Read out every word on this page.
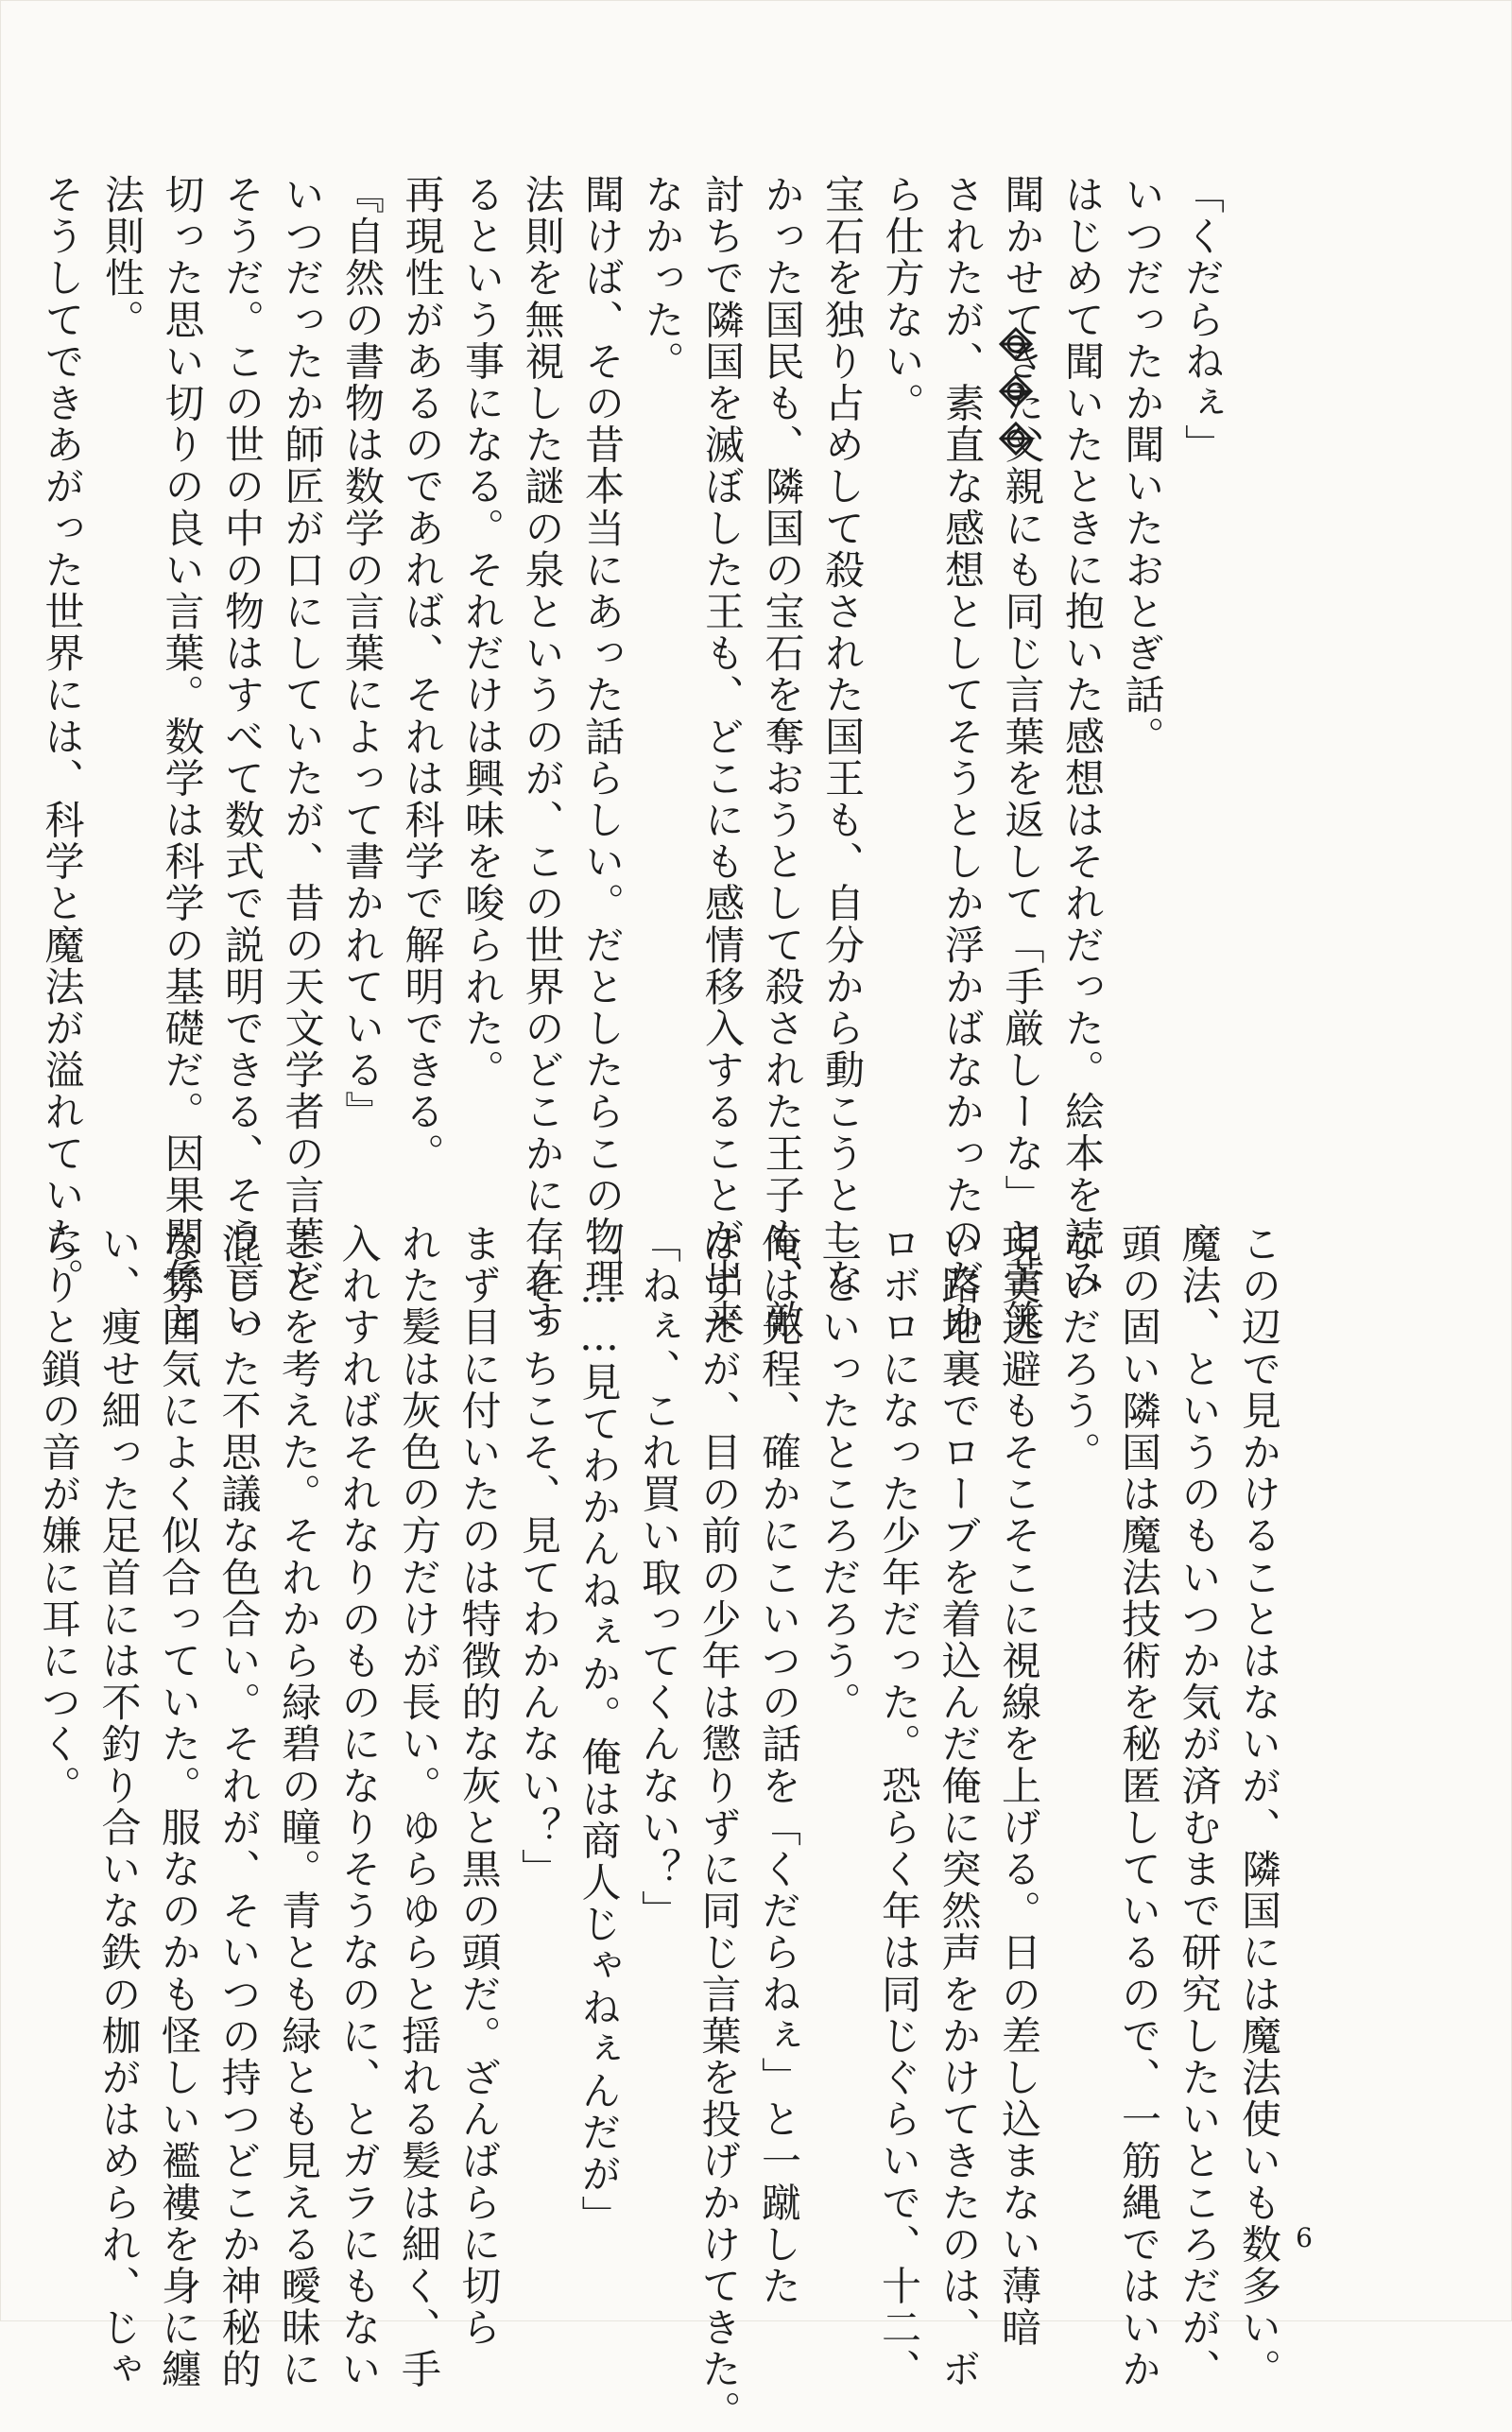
「くだらねぇ」
いつだったか聞いたおとぎ話。
はじめて聞いたときに抱いた感想はそれだった。絵本を読み
聞かせてきた父親にも同じ言葉を返して「手厳しーな」と苦笑
されたが、素直な感想としてそうとしか浮かばなかったのだか
ら仕方ない。
宝石を独り占めして殺された国王も、自分から動こうとしな
かった国民も、隣国の宝石を奪おうとして殺された王子も、敵
討ちで隣国を滅ぼした王も、どこにも感情移入することが出来
なかった。
聞けば、その昔本当にあった話らしい。だとしたらこの物理
法則を無視した謎の泉というのが、この世界のどこかに存在す
るという事になる。それだけは興味を唆られた。
再現性があるのであれば、それは科学で解明できる。
『自然の書物は数学の言葉によって書かれている』
いつだったか師匠が口にしていたが、昔の天文学者の言葉だ
そうだ。この世の中の物はすべて数式で説明できる、そう言い
切った思い切りの良い言葉。数学は科学の基礎だ。因果関係と
法則性。
そうしてできあがった世界には、科学と魔法が溢れていた。
この辺で見かけることはないが、隣国には魔法使いも数多い。
魔法、というのもいつか気が済むまで研究したいところだが、
頭の固い隣国は魔法技術を秘匿しているので、一筋縄ではいか
ないだろう。
現実逃避もそこそこに視線を上げる。日の差し込まない薄暗
い路地裏でローブを着込んだ俺に突然声をかけてきたのは、ボ
ロボロになった少年だった。恐らく年は同じぐらいで、十二、
三といったところだろう。
俺は先程、確かにこいつの話を「くだらねぇ」と一蹴した
はずだが、目の前の少年は懲りずに同じ言葉を投げかけてきた。
「ねぇ、これ買い取ってくんない？」
「……見てわかんねぇか。俺は商人じゃねぇんだが」
「そっちこそ、見てわかんない？」
まず目に付いたのは特徴的な灰と黒の頭だ。ざんばらに切ら
れた髪は灰色の方だけが長い。ゆらゆらと揺れる髪は細く、手
入れすればそれなりのものになりそうなのに、とガラにもない
ことを考えた。それから緑碧の瞳。青とも緑とも見える曖昧に
混じった不思議な色合い。それが、そいつの持つどこか神秘的
な雰囲気によく似合っていた。服なのかも怪しい襤褸を身に纏
い、痩せ細った足首には不釣り合いな鉄の枷がはめられ、じゃ
らりと鎖の音が嫌に耳につく。
6
